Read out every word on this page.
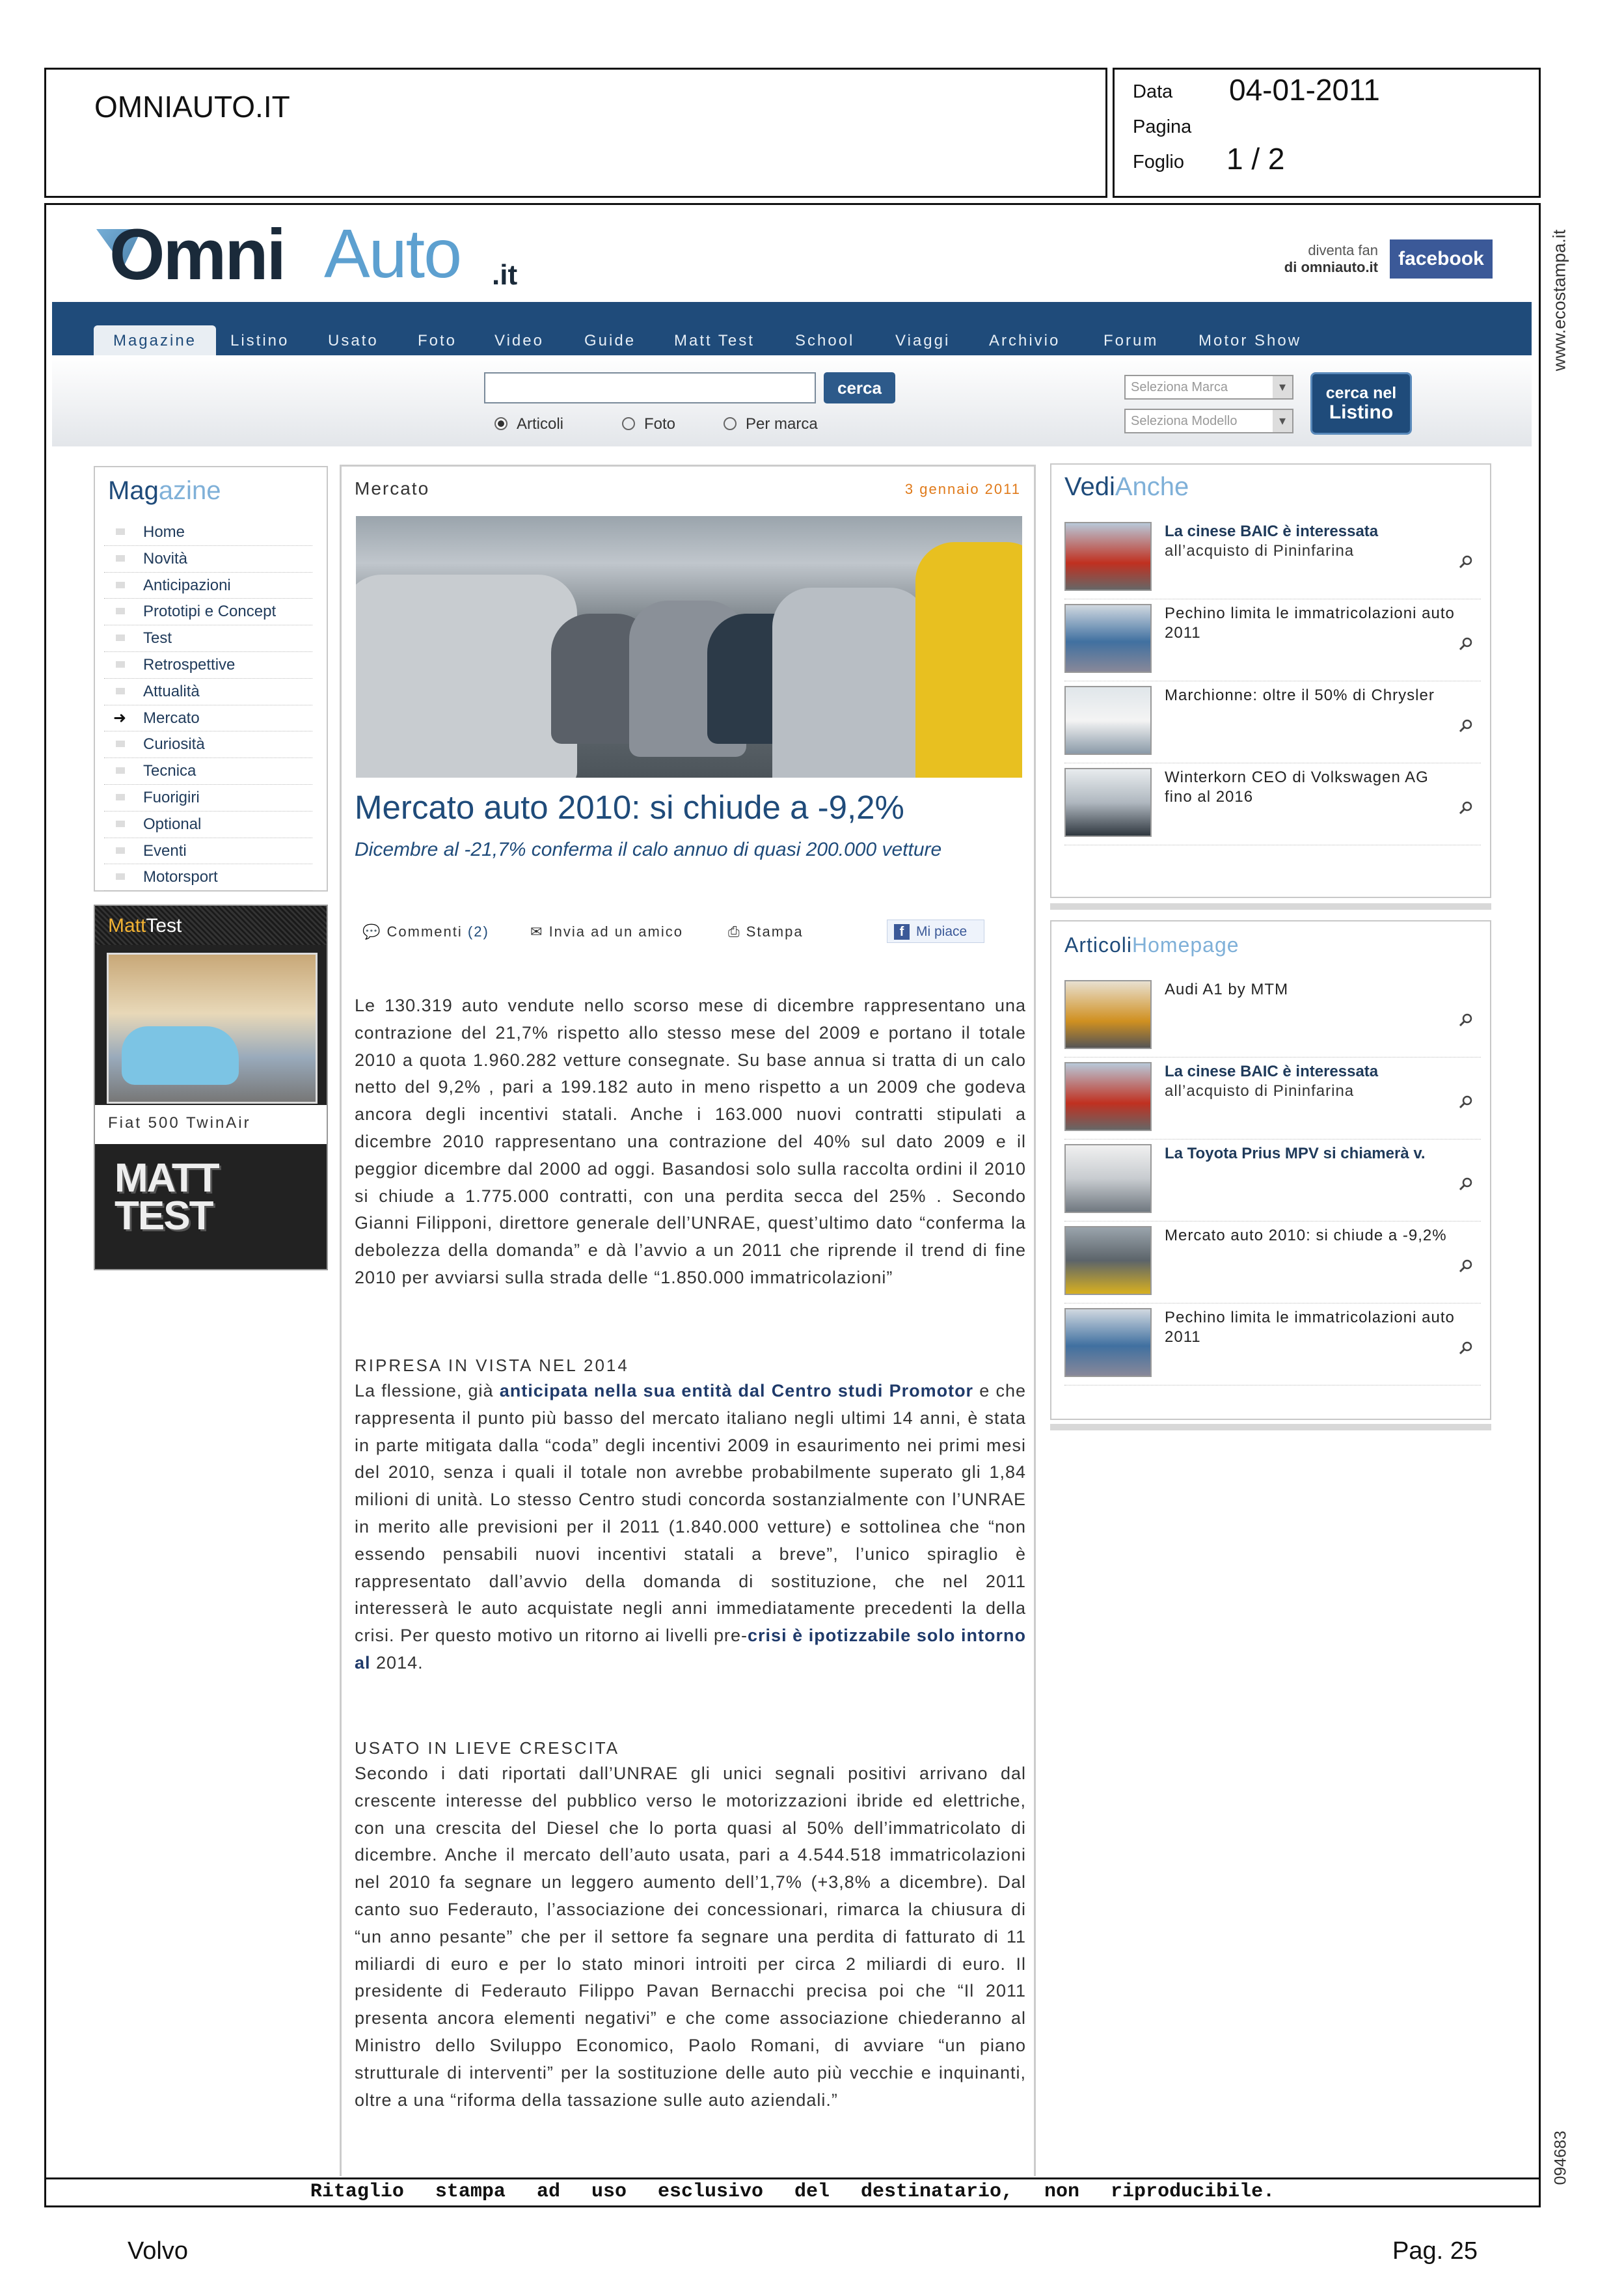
OMNIAUTO.IT	Data 04-01-2011
Pagina
Foglio 1 / 2
www.ecostampa.it
094683
Omni Auto .it
diventa fan
di omniauto.it	facebook
Magazine	Listino Usato	Foto Video	Guide Matt Test	School	Viaggi Archivio	Forum	Motor Show
cerca
Articoli	Foto	Per marca
Seleziona Marca ▾
Seleziona Modello ▾
cerca nel
Listino
Magazine
Home
Novità
Anticipazioni
Prototipi e Concept
Test
Retrospettive
Attualità
➜ Mercato
Curiosità
Tecnica
Fuorigiri
Optional
Eventi
Motorsport
MattTest
Fiat 500 TwinAir
MATT
TEST
Mercato	3 gennaio 2011
Mercato auto 2010: si chiude a -9,2%
Dicembre al -21,7% conferma il calo annuo di quasi 200.000 vetture
💬 Commenti (2)	✉ Invia ad un amico	⎙ Stampa
f	Mi piace
Le 130.319 auto vendute nello scorso mese di dicembre rappresentano una contrazione del 21,7% rispetto allo stesso mese del 2009 e portano il totale 2010 a quota 1.960.282 vetture consegnate. Su base annua si tratta di un calo netto del 9,2% , pari a 199.182 auto in meno rispetto a un 2009 che godeva ancora degli incentivi statali. Anche i 163.000 nuovi contratti stipulati a dicembre 2010 rappresentano una contrazione del 40% sul dato 2009 e il peggior dicembre dal 2000 ad oggi. Basandosi solo sulla raccolta ordini il 2010 si chiude a 1.775.000 contratti, con una perdita secca del 25% . Secondo Gianni Filipponi, direttore generale dell’UNRAE, quest’ultimo dato “conferma la debolezza della domanda” e dà l’avvio a un 2011 che riprende il trend di fine 2010 per avviarsi sulla strada delle “1.850.000 immatricolazioni”
RIPRESA IN VISTA NEL 2014
La flessione, già anticipata nella sua entità dal Centro studi Promotor e che rappresenta il punto più basso del mercato italiano negli ultimi 14 anni, è stata in parte mitigata dalla “coda” degli incentivi 2009 in esaurimento nei primi mesi del 2010, senza i quali il totale non avrebbe probabilmente superato gli 1,84 milioni di unità. Lo stesso Centro studi concorda sostanzialmente con l’UNRAE in merito alle previsioni per il 2011 (1.840.000 vetture) e sottolinea che “non essendo pensabili nuovi incentivi statali a breve”, l’unico spiraglio è rappresentato dall’avvio della domanda di sostituzione, che nel 2011 interesserà le auto acquistate negli anni immediatamente precedenti la della crisi. Per questo motivo un ritorno ai livelli pre-crisi è ipotizzabile solo intorno al 2014.
USATO IN LIEVE CRESCITA
Secondo i dati riportati dall’UNRAE gli unici segnali positivi arrivano dal crescente interesse del pubblico verso le motorizzazioni ibride ed elettriche, con una crescita del Diesel che lo porta quasi al 50% dell’immatricolato di dicembre. Anche il mercato dell’auto usata, pari a 4.544.518 immatricolazioni nel 2010 fa segnare un leggero aumento dell’1,7% (+3,8% a dicembre). Dal canto suo Federauto, l’associazione dei concessionari, rimarca la chiusura di “un anno pesante” che per il settore fa segnare una perdita di fatturato di 11 miliardi di euro e per lo stato minori introiti per circa 2 miliardi di euro. Il presidente di Federauto Filippo Pavan Bernacchi precisa poi che “Il 2011 presenta ancora elementi negativi” e che come associazione chiederanno al Ministro dello Sviluppo Economico, Paolo Romani, di avviare “un piano strutturale di interventi” per la sostituzione delle auto più vecchie e inquinanti, oltre a una “riforma della tassazione sulle auto aziendali.”
VediAnche
La cinese BAIC è interessata
all’acquisto di Pininfarina
Pechino limita le immatricolazioni auto 2011
Marchionne: oltre il 50% di Chrysler
Winterkorn CEO di Volkswagen AG fino al 2016
ArticoliHomepage
Audi A1 by MTM
La cinese BAIC è interessata
all’acquisto di Pininfarina
La Toyota Prius MPV si chiamerà v.
Mercato auto 2010: si chiude a -9,2%
Pechino limita le immatricolazioni auto 2011
Ritaglio stampa ad uso esclusivo del destinatario, non riproducibile.
Volvo	Pag. 25
